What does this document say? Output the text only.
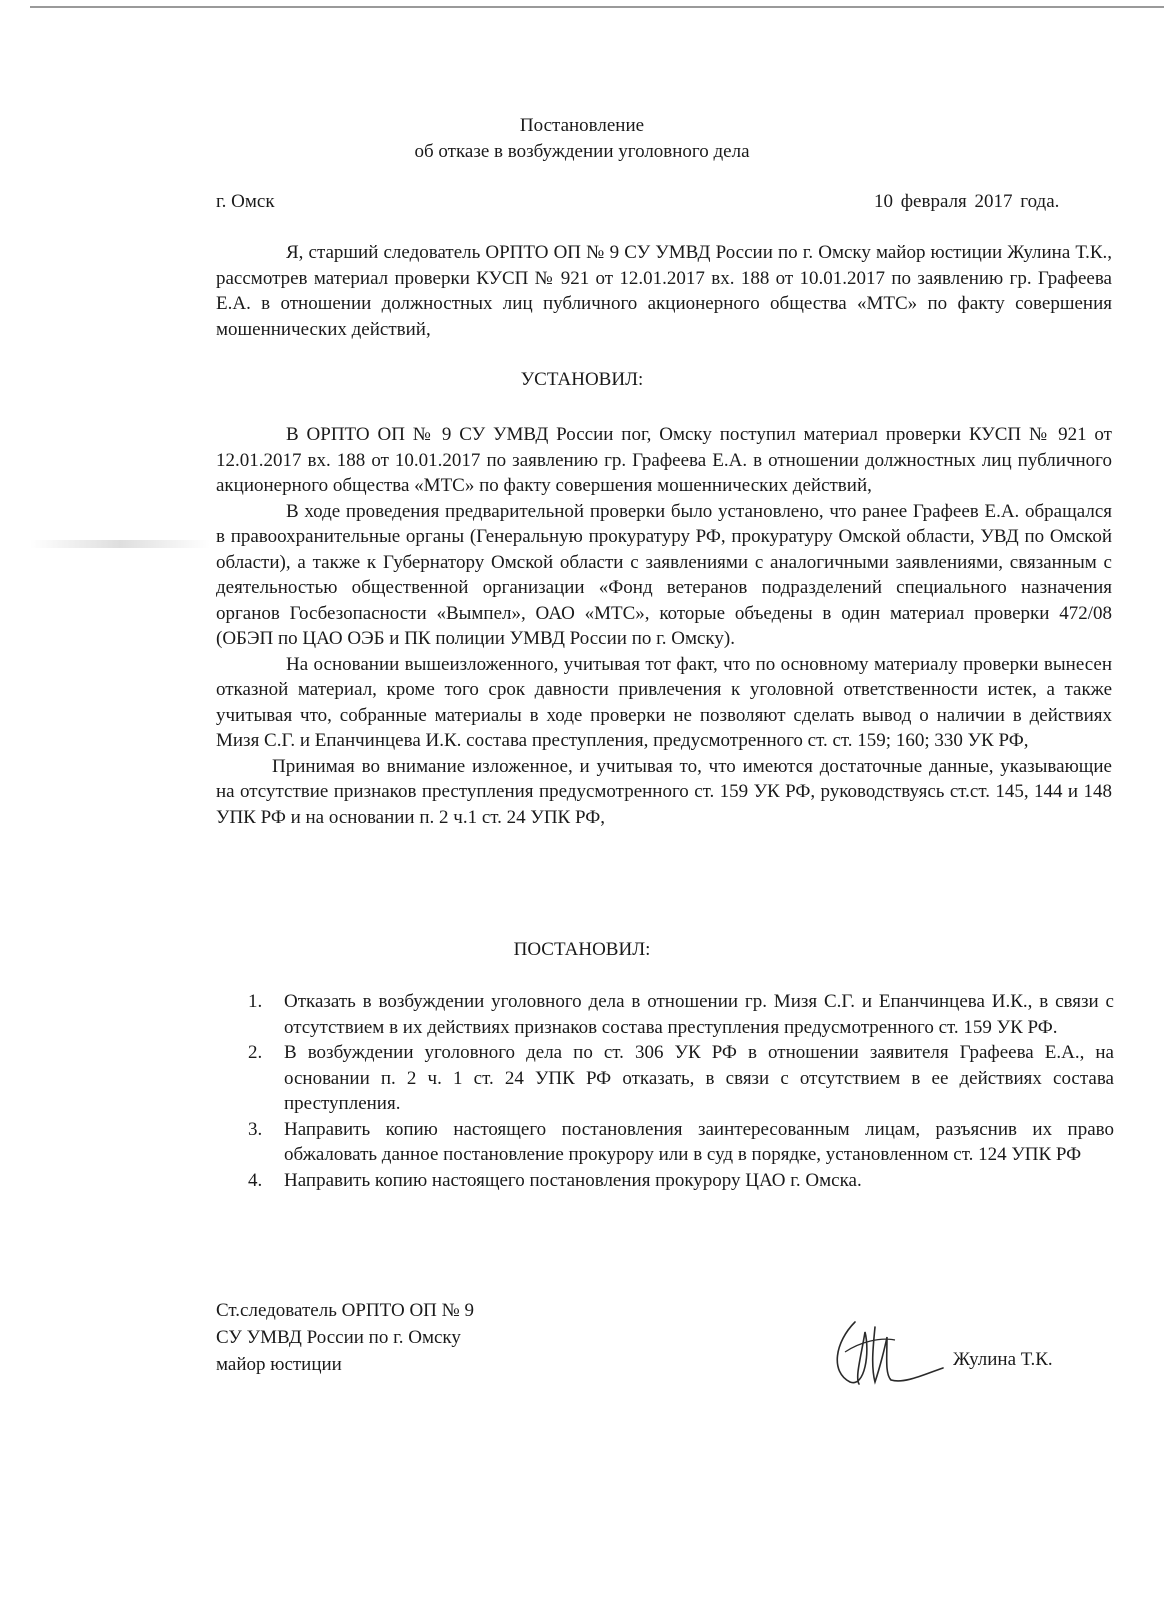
Постановление
об отказе в возбуждении уголовного дела
г. Омск	10 февраля 2017 года.

Я, старший следователь ОРПТО ОП № 9 СУ УМВД России по г. Омску майор юстиции Жулина Т.К., рассмотрев материал проверки КУСП № 921 от 12.01.2017 вх. 188 от 10.01.2017 по заявлению гр. Графеева Е.А. в отношении должностных лиц публичного акционерного общества «МТС» по факту совершения мошеннических действий,

УСТАНОВИЛ:

В ОРПТО ОП № 9 СУ УМВД России пог, Омску поступил материал проверки КУСП № 921 от 12.01.2017 вх. 188 от 10.01.2017 по заявлению гр. Графеева Е.А. в отношении должностных лиц публичного акционерного общества «МТС» по факту совершения мошеннических действий,

В ходе проведения предварительной проверки было установлено, что ранее Графеев Е.А. обращался в правоохранительные органы (Генеральную прокуратуру РФ, прокуратуру Омской области, УВД по Омской области), а также к Губернатору Омской области с заявлениями с аналогичными заявлениями, связанным с деятельностью общественной организации «Фонд ветеранов подразделений специального назначения органов Госбезопасности «Вымпел», ОАО «МТС», которые объедены в один материал проверки 472/08 (ОБЭП по ЦАО ОЭБ и ПК полиции УМВД России по г. Омску).

На основании вышеизложенного, учитывая тот факт, что по основному материалу проверки вынесен отказной материал, кроме того срок давности привлечения к уголовной ответственности истек, а также учитывая что, собранные материалы в ходе проверки не позволяют сделать вывод о наличии в действиях Мизя С.Г. и Епанчинцева И.К. состава преступления, предусмотренного ст. ст. 159; 160; 330 УК РФ,

Принимая во внимание изложенное, и учитывая то, что имеются достаточные данные, указывающие на отсутствие признаков преступления предусмотренного ст. 159 УК РФ, руководствуясь ст.ст. 145, 144 и 148 УПК РФ и на основании п. 2 ч.1 ст. 24 УПК РФ,

ПОСТАНОВИЛ:
1. Отказать в возбуждении уголовного дела в отношении гр. Мизя С.Г. и Епанчинцева И.К., в связи с отсутствием в их действиях признаков состава преступления предусмотренного ст. 159 УК РФ.
2. В возбуждении уголовного дела по ст. 306 УК РФ в отношении заявителя Графеева Е.А., на основании п. 2 ч. 1 ст. 24 УПК РФ отказать, в связи с отсутствием в ее действиях состава преступления.
3. Направить копию настоящего постановления заинтересованным лицам, разъяснив их право обжаловать данное постановление прокурору или в суд в порядке, установленном ст. 124 УПК РФ
4. Направить копию настоящего постановления прокурору ЦАО г. Омска.
Ст.следователь ОРПТО ОП № 9
СУ УМВД России по г. Омску
майор юстиции	Жулина Т.К.
